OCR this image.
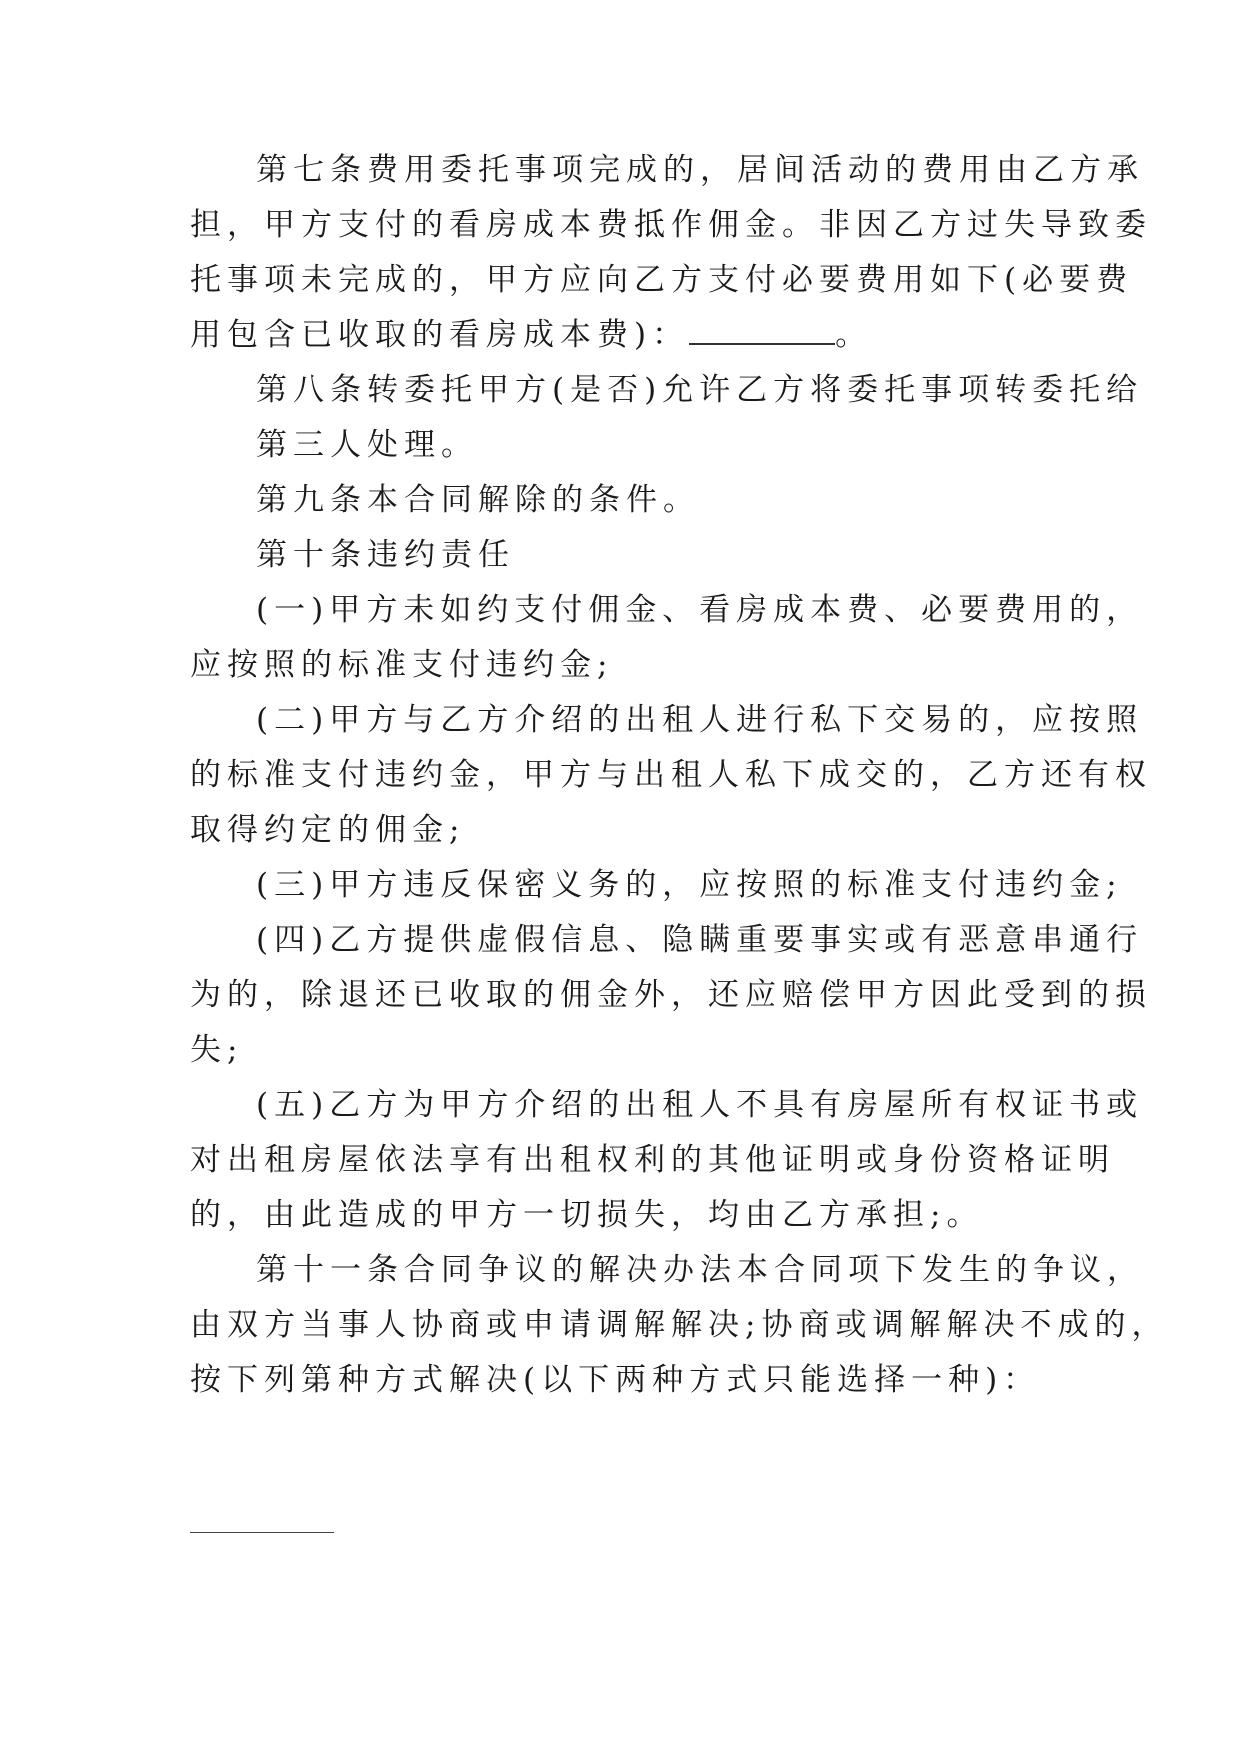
第七条费用委托事项完成的，居间活动的费用由乙方承
担，甲方支付的看房成本费抵作佣金。非因乙方过失导致委
托事项未完成的，甲方应向乙方支付必要费用如下(必要费
用包含已收取的看房成本费)：	。
第八条转委托甲方(是否)允许乙方将委托事项转委托给
第三人处理。
第九条本合同解除的条件。
第十条违约责任
(一)甲方未如约支付佣金、看房成本费、必要费用的，
应按照的标准支付违约金;
(二)甲方与乙方介绍的出租人进行私下交易的，应按照
的标准支付违约金，甲方与出租人私下成交的，乙方还有权
取得约定的佣金;
(三)甲方违反保密义务的，应按照的标准支付违约金;
(四)乙方提供虚假信息、隐瞒重要事实或有恶意串通行
为的，除退还已收取的佣金外，还应赔偿甲方因此受到的损
失;
(五)乙方为甲方介绍的出租人不具有房屋所有权证书或
对出租房屋依法享有出租权利的其他证明或身份资格证明
的，由此造成的甲方一切损失，均由乙方承担;。
第十一条合同争议的解决办法本合同项下发生的争议，
由双方当事人协商或申请调解解决;协商或调解解决不成的，
按下列第种方式解决(以下两种方式只能选择一种)：
